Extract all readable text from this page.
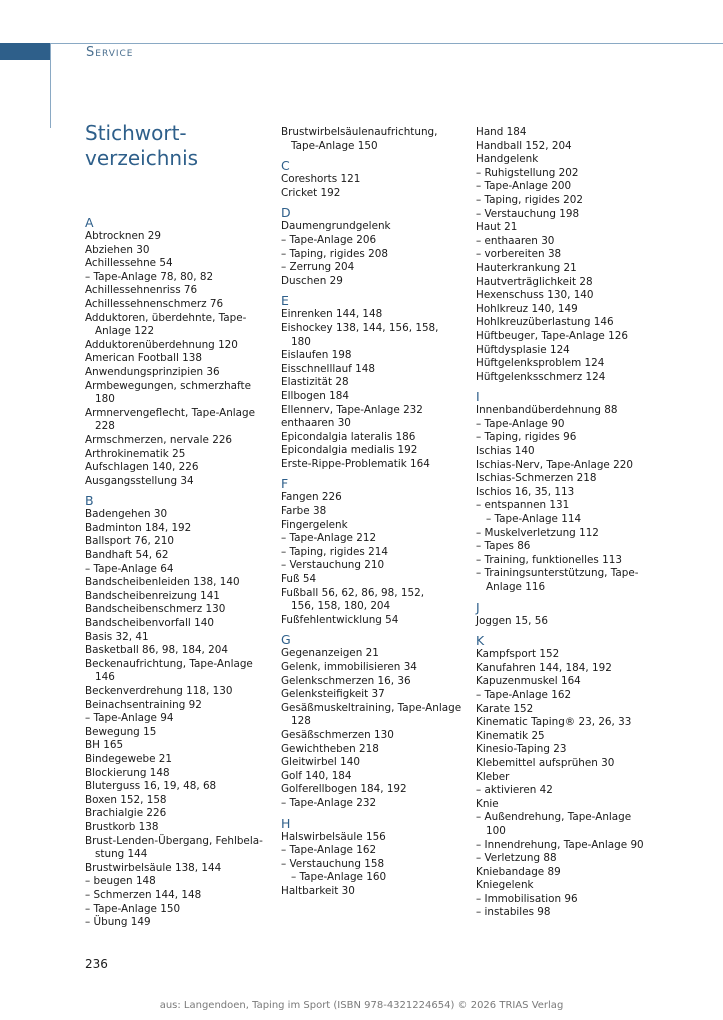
Service

Stichwort-verzeichnis
A
Abtrocknen 29
Abziehen 30
Achillessehne 54
– Tape-Anlage 78, 80, 82
Achillessehnenriss 76
Achillessehnenschmerz 76
Adduktoren, überdehnte, Tape-
Anlage 122
Adduktorenüberdehnung 120
American Football 138
Anwendungsprinzipien 36
Armbewegungen, schmerzhafte
180
Armnervengeflecht, Tape-Anlage
228
Armschmerzen, nervale 226
Arthrokinematik 25
Aufschlagen 140, 226
Ausgangsstellung 34
B
Badengehen 30
Badminton 184, 192
Ballsport 76, 210
Bandhaft 54, 62
– Tape-Anlage 64
Bandscheibenleiden 138, 140
Bandscheibenreizung 141
Bandscheibenschmerz 130
Bandscheibenvorfall 140
Basis 32, 41
Basketball 86, 98, 184, 204
Beckenaufrichtung, Tape-Anlage
146
Beckenverdrehung 118, 130
Beinachsentraining 92
– Tape-Anlage 94
Bewegung 15
BH 165
Bindegewebe 21
Blockierung 148
Bluterguss 16, 19, 48, 68
Boxen 152, 158
Brachialgie 226
Brustkorb 138
Brust-Lenden-Übergang, Fehlbela-
stung 144
Brustwirbelsäule 138, 144
– beugen 148
– Schmerzen 144, 148
– Tape-Anlage 150
– Übung 149
Brustwirbelsäulenaufrichtung,
Tape-Anlage 150
C
Coreshorts 121
Cricket 192
D
Daumengrundgelenk
– Tape-Anlage 206
– Taping, rigides 208
– Zerrung 204
Duschen 29
E
Einrenken 144, 148
Eishockey 138, 144, 156, 158,
180
Eislaufen 198
Eisschnelllauf 148
Elastizität 28
Ellbogen 184
Ellennerv, Tape-Anlage 232
enthaaren 30
Epicondalgia lateralis 186
Epicondalgia medialis 192
Erste-Rippe-Problematik 164
F
Fangen 226
Farbe 38
Fingergelenk
– Tape-Anlage 212
– Taping, rigides 214
– Verstauchung 210
Fuß 54
Fußball 56, 62, 86, 98, 152,
156, 158, 180, 204
Fußfehlentwicklung 54
G
Gegenanzeigen 21
Gelenk, immobilisieren 34
Gelenkschmerzen 16, 36
Gelenksteifigkeit 37
Gesäßmuskeltraining, Tape-Anlage
128
Gesäßschmerzen 130
Gewichtheben 218
Gleitwirbel 140
Golf 140, 184
Golferellbogen 184, 192
– Tape-Anlage 232
H
Halswirbelsäule 156
– Tape-Anlage 162
– Verstauchung 158
– Tape-Anlage 160
Haltbarkeit 30
Hand 184
Handball 152, 204
Handgelenk
– Ruhigstellung 202
– Tape-Anlage 200
– Taping, rigides 202
– Verstauchung 198
Haut 21
– enthaaren 30
– vorbereiten 38
Hauterkrankung 21
Hautverträglichkeit 28
Hexenschuss 130, 140
Hohlkreuz 140, 149
Hohlkreuzüberlastung 146
Hüftbeuger, Tape-Anlage 126
Hüftdysplasie 124
Hüftgelenksproblem 124
Hüftgelenksschmerz 124
I
Innenbandüberdehnung 88
– Tape-Anlage 90
– Taping, rigides 96
Ischias 140
Ischias-Nerv, Tape-Anlage 220
Ischias-Schmerzen 218
Ischios 16, 35, 113
– entspannen 131
– Tape-Anlage 114
– Muskelverletzung 112
– Tapes 86
– Training, funktionelles 113
– Trainingsunterstützung, Tape-
Anlage 116
J
Joggen 15, 56
K
Kampfsport 152
Kanufahren 144, 184, 192
Kapuzenmuskel 164
– Tape-Anlage 162
Karate 152
Kinematic Taping® 23, 26, 33
Kinematik 25
Kinesio-Taping 23
Klebemittel aufsprühen 30
Kleber
– aktivieren 42
Knie
– Außendrehung, Tape-Anlage
100
– Innendrehung, Tape-Anlage 90
– Verletzung 88
Kniebandage 89
Kniegelenk
– Immobilisation 96
– instabiles 98

236

aus: Langendoen, Taping im Sport (ISBN 978-4321224654) © 2026 TRIAS Verlag
